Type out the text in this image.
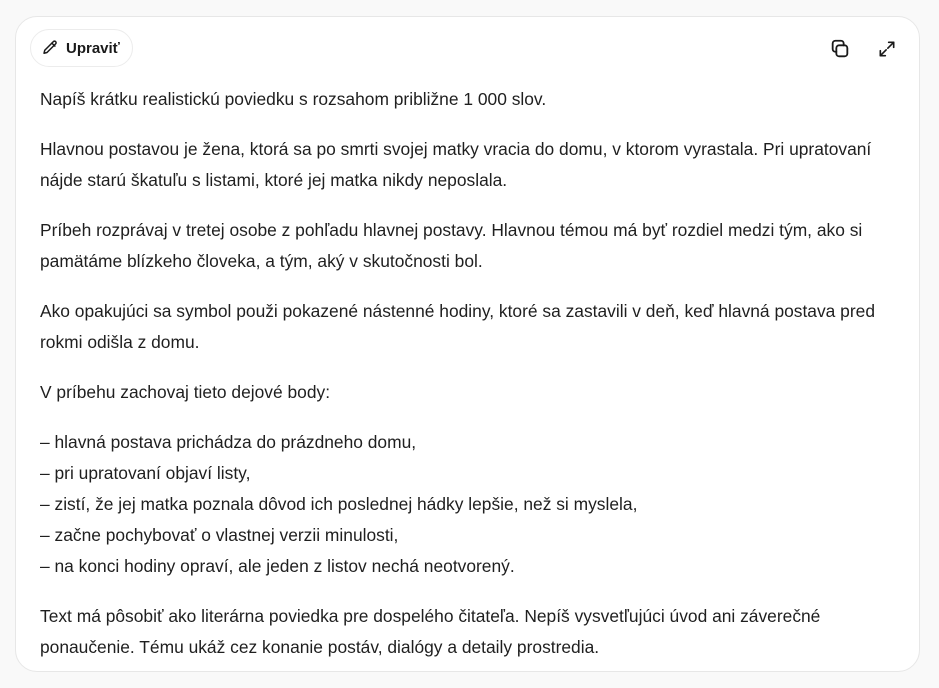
Upraviť

Napíš krátku realistickú poviedku s rozsahom približne 1 000 slov.

Hlavnou postavou je žena, ktorá sa po smrti svojej matky vracia do domu, v ktorom vyrastala. Pri upratovaní nájde starú škatuľu s listami, ktoré jej matka nikdy neposlala.

Príbeh rozprávaj v tretej osobe z pohľadu hlavnej postavy. Hlavnou témou má byť rozdiel medzi tým, ako si pamätáme blízkeho človeka, a tým, aký v skutočnosti bol.

Ako opakujúci sa symbol použi pokazené nástenné hodiny, ktoré sa zastavili v deň, keď hlavná postava pred rokmi odišla z domu.

V príbehu zachovaj tieto dejové body:

– hlavná postava prichádza do prázdneho domu,
– pri upratovaní objaví listy,
– zistí, že jej matka poznala dôvod ich poslednej hádky lepšie, než si myslela,
– začne pochybovať o vlastnej verzii minulosti,
– na konci hodiny opraví, ale jeden z listov nechá neotvorený.

Text má pôsobiť ako literárna poviedka pre dospelého čitateľa. Nepíš vysvetľujúci úvod ani záverečné ponaučenie. Tému ukáž cez konanie postáv, dialógy a detaily prostredia.
